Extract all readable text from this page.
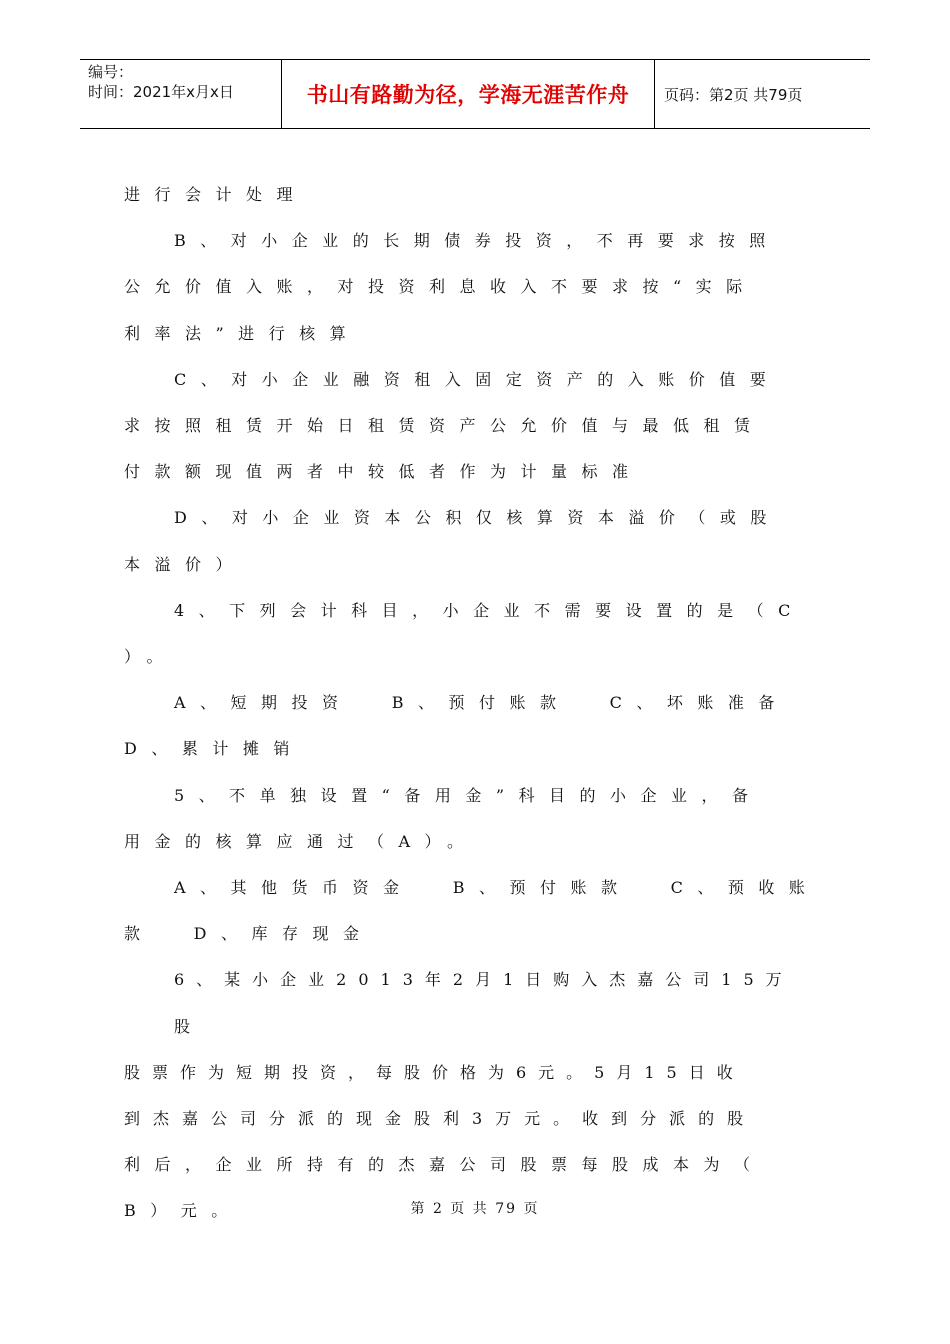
编号：
时间：2021年x月x日	书山有路勤为径，学海无涯苦作舟	页码：第2页 共79页

进行会计处理

B、对小企业的长期债券投资，不再要求按照

公允价值入账，对投资利息收入不要求按“实际

利率法”进行核算

C、对小企业融资租入固定资产的入账价值要

求按照租赁开始日租赁资产公允价值与最低租赁

付款额现值两者中较低者作为计量标准

D、对小企业资本公积仅核算资本溢价（或股

本溢价）

4、下列会计科目，小企业不需要设置的是（C

）。

A、短期投资  B、预付账款  C、坏账准备

D、累计摊销

5、不单独设置“备用金”科目的小企业，备

用金的核算应通过（A）。

A、其他货币资金  B、预付账款  C、预收账

款  D、库存现金

6、某小企业2013年2月1日购入杰嘉公司15万股

股票作为短期投资，每股价格为6元。5月15日收

到杰嘉公司分派的现金股利3万元。收到分派的股

利后，企业所持有的杰嘉公司股票每股成本为（

B）元。	第 2 页 共 79 页
